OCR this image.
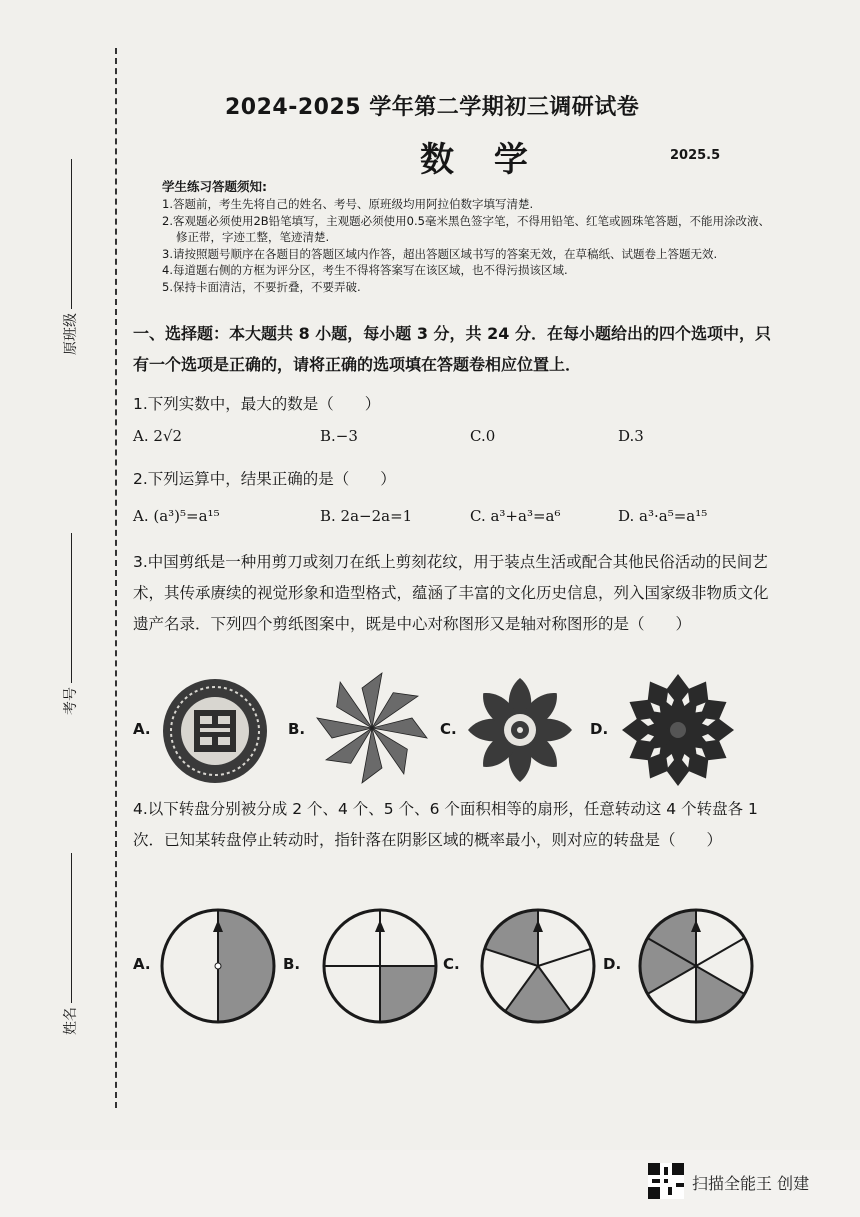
原班级
考号
姓名
2024-2025 学年第二学期初三调研试卷
数 学	2025.5
学生练习答题须知:
1.答题前，考生先将自己的姓名、考号、原班级均用阿拉伯数字填写清楚.
2.客观题必须使用2B铅笔填写，主观题必须使用0.5毫米黑色签字笔，不得用铅笔、红笔或圆珠笔答题，不能用涂改液、修正带，字迹工整，笔迹清楚.
3.请按照题号顺序在各题目的答题区域内作答，超出答题区域书写的答案无效，在草稿纸、试题卷上答题无效.
4.每道题右侧的方框为评分区，考生不得将答案写在该区域，也不得污损该区域.
5.保持卡面清洁，不要折叠，不要弄破.
一、选择题：本大题共 8 小题，每小题 3 分，共 24 分．在每小题给出的四个选项中，只有一个选项是正确的，请将正确的选项填在答题卷相应位置上．
1.下列实数中，最大的数是（　　）
A. 2√2	B.−3	C.0	D.3
2.下列运算中，结果正确的是（　　）
A. (a³)⁵=a¹⁵	B. 2a−2a=1	C. a³+a³=a⁶	D. a³·a⁵=a¹⁵
3.中国剪纸是一种用剪刀或刻刀在纸上剪刻花纹，用于装点生活或配合其他民俗活动的民间艺术，其传承赓续的视觉形象和造型格式，蕴涵了丰富的文化历史信息，列入国家级非物质文化遗产名录．下列四个剪纸图案中，既是中心对称图形又是轴对称图形的是（　　）
A.	B.	C.	D.
4.以下转盘分别被分成 2 个、4 个、5 个、6 个面积相等的扇形，任意转动这 4 个转盘各 1 次．已知某转盘停止转动时，指针落在阴影区域的概率最小，则对应的转盘是（　　）
A.	B.	C.	D.
扫描全能王 创建
